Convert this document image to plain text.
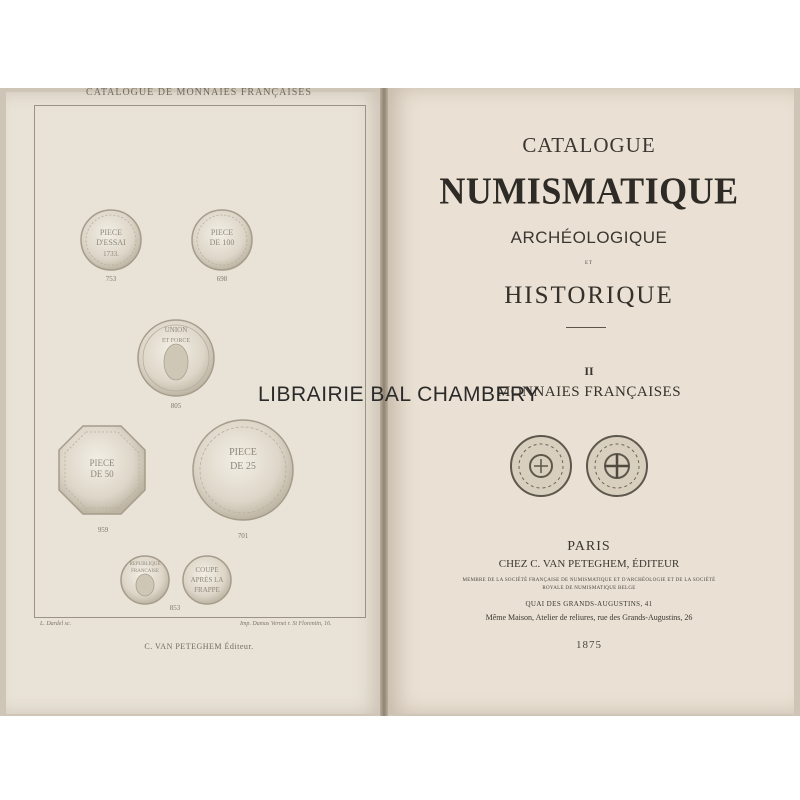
CATALOGUE DE MONNAIES FRANÇAISES
PIECE
D'ESSAI
1733.
753
PIECE
DE 100
698
UNION
ET FORCE
805
PIECE
DE 50
959
PIECE
DE 25
701
REPUBLIQUE
FRANCAISE
853
COUPE
APRÈS LA
FRAPPE
L. Dardel sc.	Imp. Dumas Vernet r. St Florentin, 16.
C. VAN PETEGHEM Éditeur.
CATALOGUE
NUMISMATIQUE
ARCHÉOLOGIQUE
ET
HISTORIQUE
II
MONNAIES FRANÇAISES
PARIS
CHEZ C. VAN PETEGHEM, ÉDITEUR
MEMBRE DE LA SOCIÉTÉ FRANÇAISE DE NUMISMATIQUE ET D'ARCHÉOLOGIE ET DE LA SOCIÉTÉ
ROYALE DE NUMISMATIQUE BELGE
QUAI DES GRANDS-AUGUSTINS, 41
Même Maison, Atelier de reliures, rue des Grands-Augustins, 26
1875
LIBRAIRIE BAL CHAMBERY
